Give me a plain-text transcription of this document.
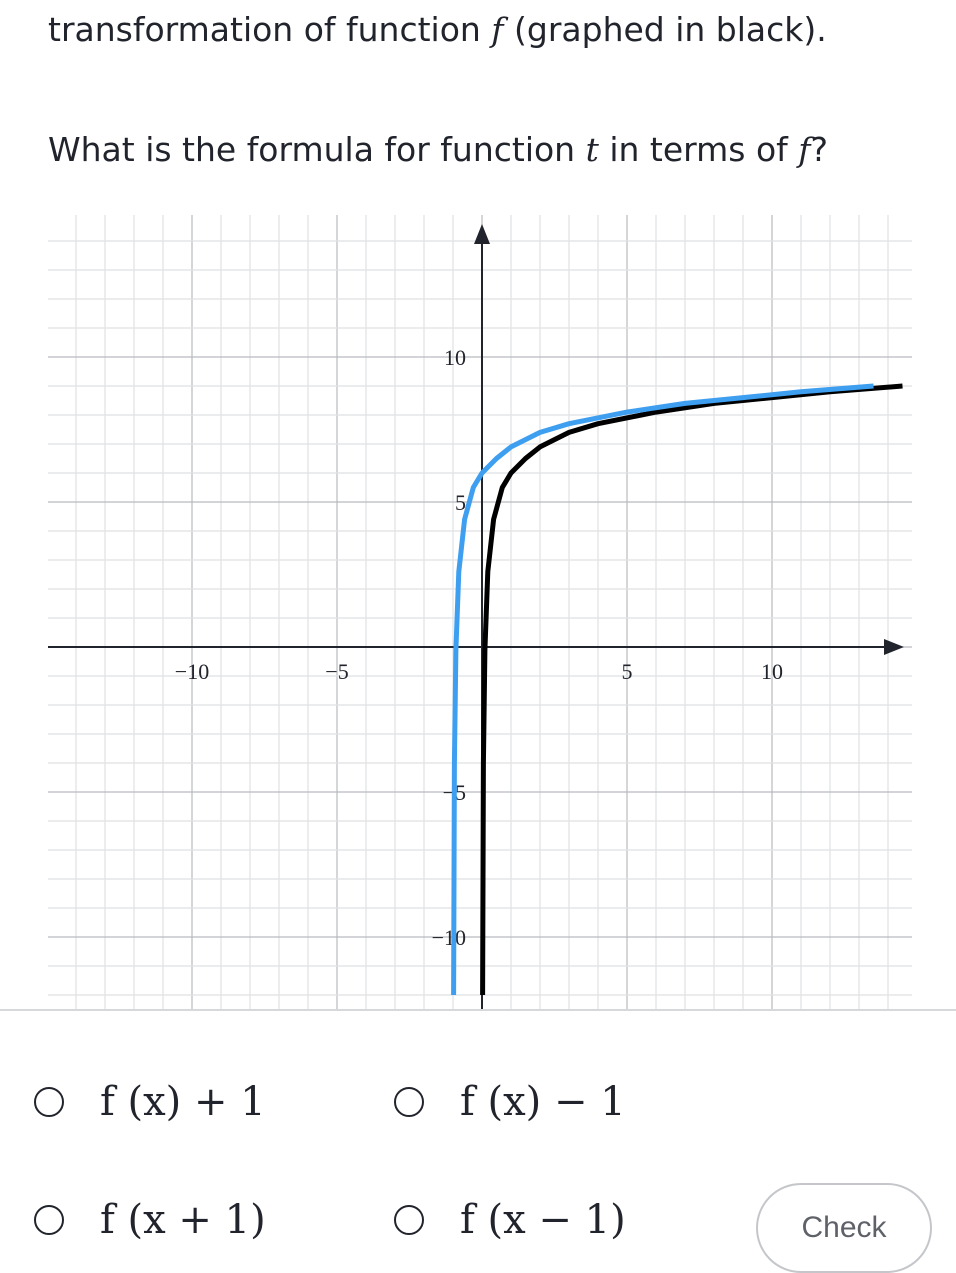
transformation of function f (graphed in black).

What is the formula for function t in terms of f?

−10	−5	5	10
10
5
−5
−10
f (x) + 1	f (x) − 1
f (x + 1)	f (x − 1)	Check
